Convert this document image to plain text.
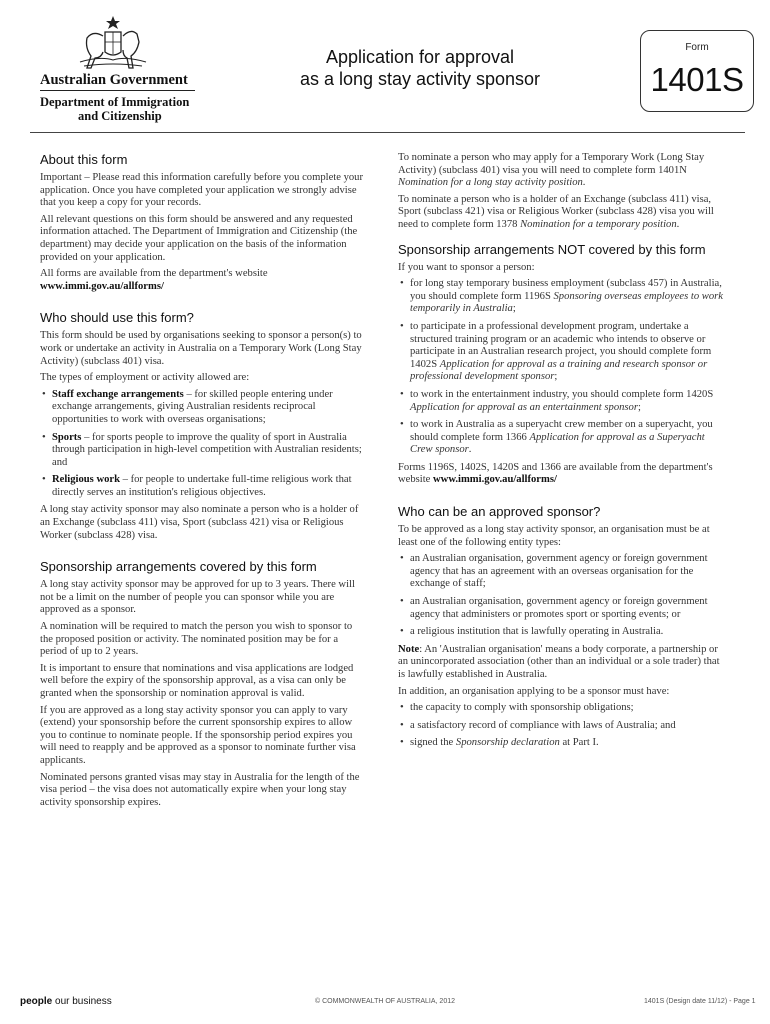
Australian Government
Department of Immigration
and Citizenship
Application for approval
as a long stay activity sponsor
Form
1401S
About this form

Important – Please read this information carefully before you complete your application. Once you have completed your application we strongly advise that you keep a copy for your records.

All relevant questions on this form should be answered and any requested information attached. The Department of Immigration and Citizenship (the department) may decide your application on the basis of the information provided on your application.

All forms are available from the department's website
www.immi.gov.au/allforms/

Who should use this form?

This form should be used by organisations seeking to sponsor a person(s) to work or undertake an activity in Australia on a Temporary Work (Long Stay Activity) (subclass 401) visa.

The types of employment or activity allowed are:

• Staff exchange arrangements – for skilled people entering under exchange arrangements, giving Australian residents reciprocal opportunities to work with overseas organisations;
• Sports – for sports people to improve the quality of sport in Australia through participation in high-level competition with Australian residents; and
• Religious work – for people to undertake full-time religious work that directly serves an institution's religious objectives.

A long stay activity sponsor may also nominate a person who is a holder of an Exchange (subclass 411) visa, Sport (subclass 421) visa or Religious Worker (subclass 428) visa.

Sponsorship arrangements covered by this form

A long stay activity sponsor may be approved for up to 3 years. There will not be a limit on the number of people you can sponsor while you are approved as a sponsor.

A nomination will be required to match the person you wish to sponsor to the proposed position or activity. The nominated position may be for a period of up to 2 years.

It is important to ensure that nominations and visa applications are lodged well before the expiry of the sponsorship approval, as a visa can only be granted when the sponsorship or nomination approval is valid.

If you are approved as a long stay activity sponsor you can apply to vary (extend) your sponsorship before the current sponsorship expires to allow you to continue to nominate people. If the sponsorship period expires you will need to reapply and be approved as a sponsor to nominate further visa applicants.

Nominated persons granted visas may stay in Australia for the length of the visa period – the visa does not automatically expire when your long stay activity sponsorship expires.

To nominate a person who may apply for a Temporary Work (Long Stay Activity) (subclass 401) visa you will need to complete form 1401N Nomination for a long stay activity position.

To nominate a person who is a holder of an Exchange (subclass 411) visa, Sport (subclass 421) visa or Religious Worker (subclass 428) visa you will need to complete form 1378 Nomination for a temporary position.

Sponsorship arrangements NOT covered by this form

If you want to sponsor a person:

• for long stay temporary business employment (subclass 457) in Australia, you should complete form 1196S Sponsoring overseas employees to work temporarily in Australia;
• to participate in a professional development program, undertake a structured training program or an academic who intends to observe or participate in an Australian research project, you should complete form 1402S Application for approval as a training and research sponsor or professional development sponsor;
• to work in the entertainment industry, you should complete form 1420S Application for approval as an entertainment sponsor;
• to work in Australia as a superyacht crew member on a superyacht, you should complete form 1366 Application for approval as a Superyacht Crew sponsor.

Forms 1196S, 1402S, 1420S and 1366 are available from the department's website www.immi.gov.au/allforms/

Who can be an approved sponsor?

To be approved as a long stay activity sponsor, an organisation must be at least one of the following entity types:

• an Australian organisation, government agency or foreign government agency that has an agreement with an overseas organisation for the exchange of staff;
• an Australian organisation, government agency or foreign government agency that administers or promotes sport or sporting events; or
• a religious institution that is lawfully operating in Australia.

Note: An 'Australian organisation' means a body corporate, a partnership or an unincorporated association (other than an individual or a sole trader) that is lawfully established in Australia.

In addition, an organisation applying to be a sponsor must have:

• the capacity to comply with sponsorship obligations;
• a satisfactory record of compliance with laws of Australia; and
• signed the Sponsorship declaration at Part I.
people our business	© COMMONWEALTH OF AUSTRALIA, 2012	1401S (Design date 11/12) - Page 1
